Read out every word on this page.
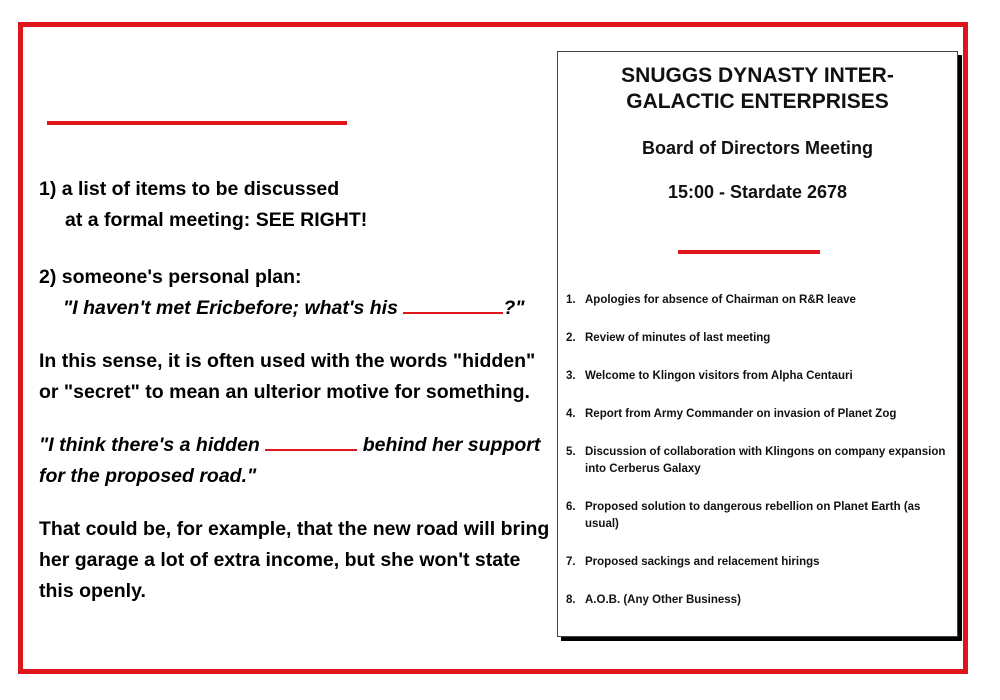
1) a list of items to be discussed

at a formal meeting: SEE RIGHT!

2) someone's personal plan:

"I haven't met Ericbefore; what's his	?"

In this sense, it is often used with the words "hidden" or "secret" to mean an ulterior motive for something.

"I think there's a hidden	behind her support for the proposed road."

That could be, for example, that the new road will bring her garage a lot of extra income, but she won't state this openly.

SNUGGS DYNASTY INTER-
GALACTIC ENTERPRISES
Board of Directors Meeting
15:00 - Stardate 2678
1. Apologies for absence of Chairman on R&R leave
2. Review of minutes of last meeting
3. Welcome to Klingon visitors from Alpha Centauri
4. Report from Army Commander on invasion of Planet Zog
5. Discussion of collaboration with Klingons on company expansion into Cerberus Galaxy
6. Proposed solution to dangerous rebellion on Planet Earth (as usual)
7. Proposed sackings and relacement hirings
8. A.O.B. (Any Other Business)
